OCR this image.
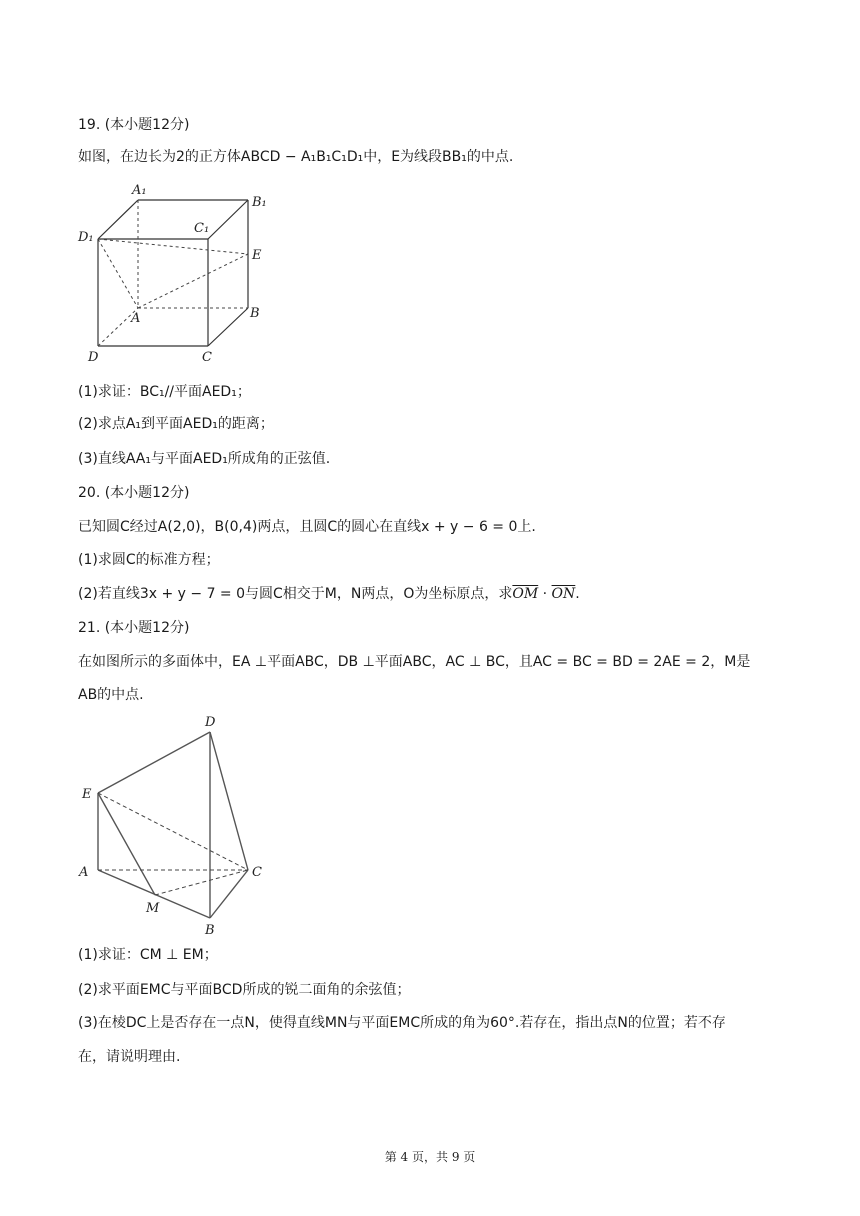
19. (本小题12分)
如图，在边长为2的正方体ABCD − A₁B₁C₁D₁中，E为线段BB₁的中点.
A₁
B₁
C₁
D₁
E
A	B
D	C
(1)求证：BC₁//平面AED₁；
(2)求点A₁到平面AED₁的距离；
(3)直线AA₁与平面AED₁所成角的正弦值.
20. (本小题12分)
已知圆C经过A(2,0)，B(0,4)两点，且圆C的圆心在直线x + y − 6 = 0上.
(1)求圆C的标准方程；
(2)若直线3x + y − 7 = 0与圆C相交于M，N两点，O为坐标原点，求$\overline{OM} \cdot \overline{ON}$.
21. (本小题12分)
在如图所示的多面体中，EA ⊥平面ABC，DB ⊥平面ABC，AC ⊥ BC，且AC = BC = BD = 2AE = 2，M是
AB的中点.
D
E
A	C
M
B
(1)求证：CM ⊥ EM；
(2)求平面EMC与平面BCD所成的锐二面角的余弦值；
(3)在棱DC上是否存在一点N，使得直线MN与平面EMC所成的角为60°.若存在，指出点N的位置；若不存
在，请说明理由.
第 4 页，共 9 页
